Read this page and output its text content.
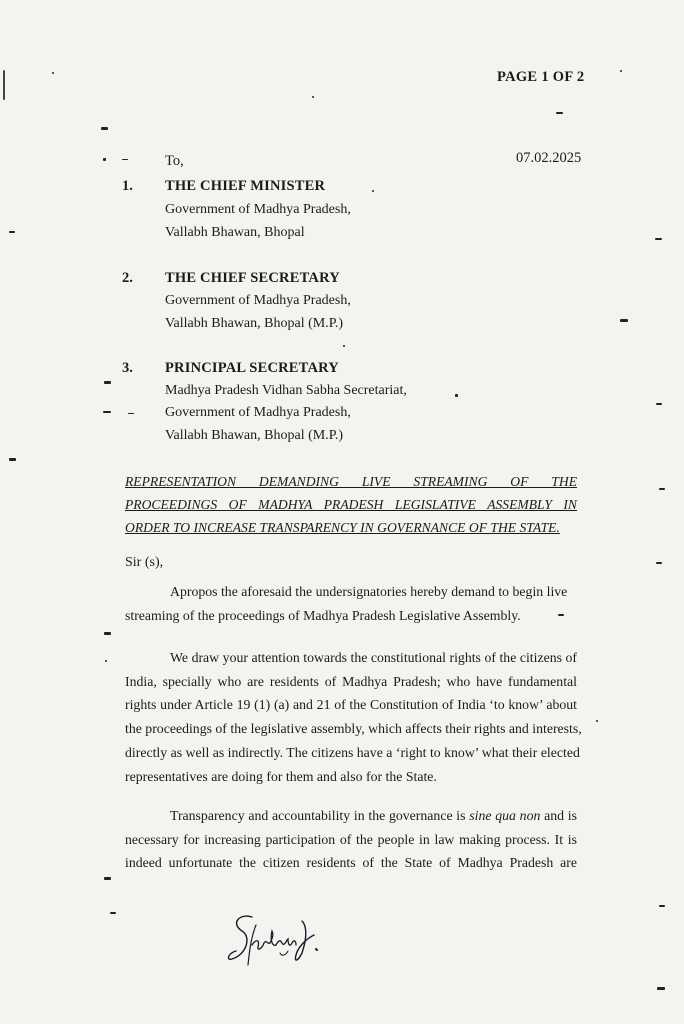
PAGE 1 OF 2
07.02.2025
To,
1. THE CHIEF MINISTER
Government of Madhya Pradesh,
Vallabh Bhawan, Bhopal
2. THE CHIEF SECRETARY
Government of Madhya Pradesh,
Vallabh Bhawan, Bhopal (M.P.)
3. PRINCIPAL SECRETARY
Madhya Pradesh Vidhan Sabha Secretariat,
Government of Madhya Pradesh,
Vallabh Bhawan, Bhopal (M.P.)
REPRESENTATION DEMANDING LIVE STREAMING OF THE
PROCEEDINGS OF MADHYA PRADESH LEGISLATIVE ASSEMBLY IN
ORDER TO INCREASE TRANSPARENCY IN GOVERNANCE OF THE STATE.
Sir (s),
Apropos the aforesaid the undersignatories hereby demand to begin live
streaming of the proceedings of Madhya Pradesh Legislative Assembly.
We draw your attention towards the constitutional rights of the citizens of
India, specially who are residents of Madhya Pradesh; who have fundamental
rights under Article 19 (1) (a) and 21 of the Constitution of India ‘to know’ about
the proceedings of the legislative assembly, which affects their rights and interests,
directly as well as indirectly. The citizens have a ‘right to know’ what their elected
representatives are doing for them and also for the State.
Transparency and accountability in the governance is sine qua non and is
necessary for increasing participation of the people in law making process. It is
indeed unfortunate the citizen residents of the State of Madhya Pradesh are
